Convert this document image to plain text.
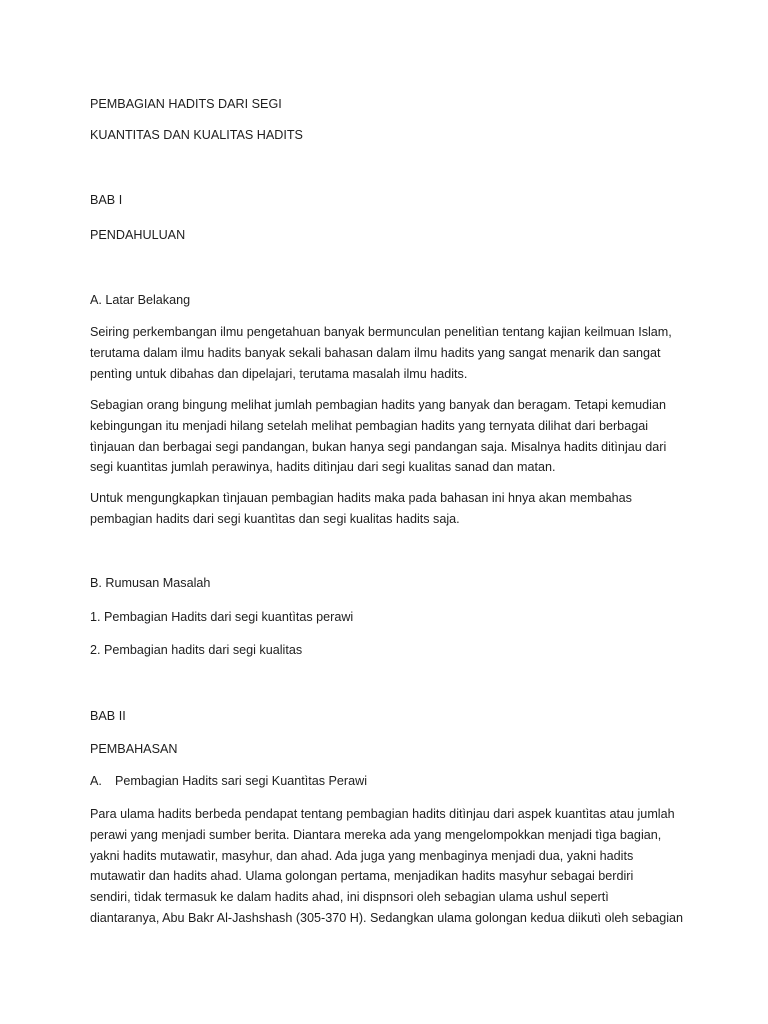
PEMBAGIAN HADITS DARI SEGI
KUANTITAS DAN KUALITAS HADITS
BAB I
PENDAHULUAN
A. Latar Belakang
Seiring perkembangan ilmu pengetahuan banyak bermunculan penelitìan tentang kajian keilmuan Islam,
terutama dalam ilmu hadits banyak sekali bahasan dalam ilmu hadits yang sangat menarik dan sangat
pentìng untuk dibahas dan dipelajari, terutama masalah ilmu hadits.
Sebagian orang bingung melihat jumlah pembagian hadits yang banyak dan beragam. Tetapi kemudian
kebingungan itu menjadi hilang setelah melihat pembagian hadits yang ternyata dilihat dari berbagai
tìnjauan dan berbagai segi pandangan, bukan hanya segi pandangan saja. Misalnya hadits ditìnjau dari
segi kuantìtas jumlah perawinya, hadits ditìnjau dari segi kualitas sanad dan matan.
Untuk mengungkapkan tìnjauan pembagian hadits maka pada bahasan ini hnya akan membahas
pembagian hadits dari segi kuantìtas dan segi kualitas hadits saja.
B. Rumusan Masalah
1. Pembagian Hadits dari segi kuantìtas perawi
2. Pembagian hadits dari segi kualitas
BAB II
PEMBAHASAN
A. Pembagian Hadits sari segi Kuantìtas Perawi
Para ulama hadits berbeda pendapat tentang pembagian hadits ditìnjau dari aspek kuantìtas atau jumlah
perawi yang menjadi sumber berita. Diantara mereka ada yang mengelompokkan menjadi tìga bagian,
yakni hadits mutawatìr, masyhur, dan ahad. Ada juga yang menbaginya menjadi dua, yakni hadits
mutawatìr dan hadits ahad. Ulama golongan pertama, menjadikan hadits masyhur sebagai berdiri
sendiri, tìdak termasuk ke dalam hadits ahad, ini dispnsori oleh sebagian ulama ushul sepertì
diantaranya, Abu Bakr Al-Jashshash (305-370 H). Sedangkan ulama golongan kedua diikutì oleh sebagian
